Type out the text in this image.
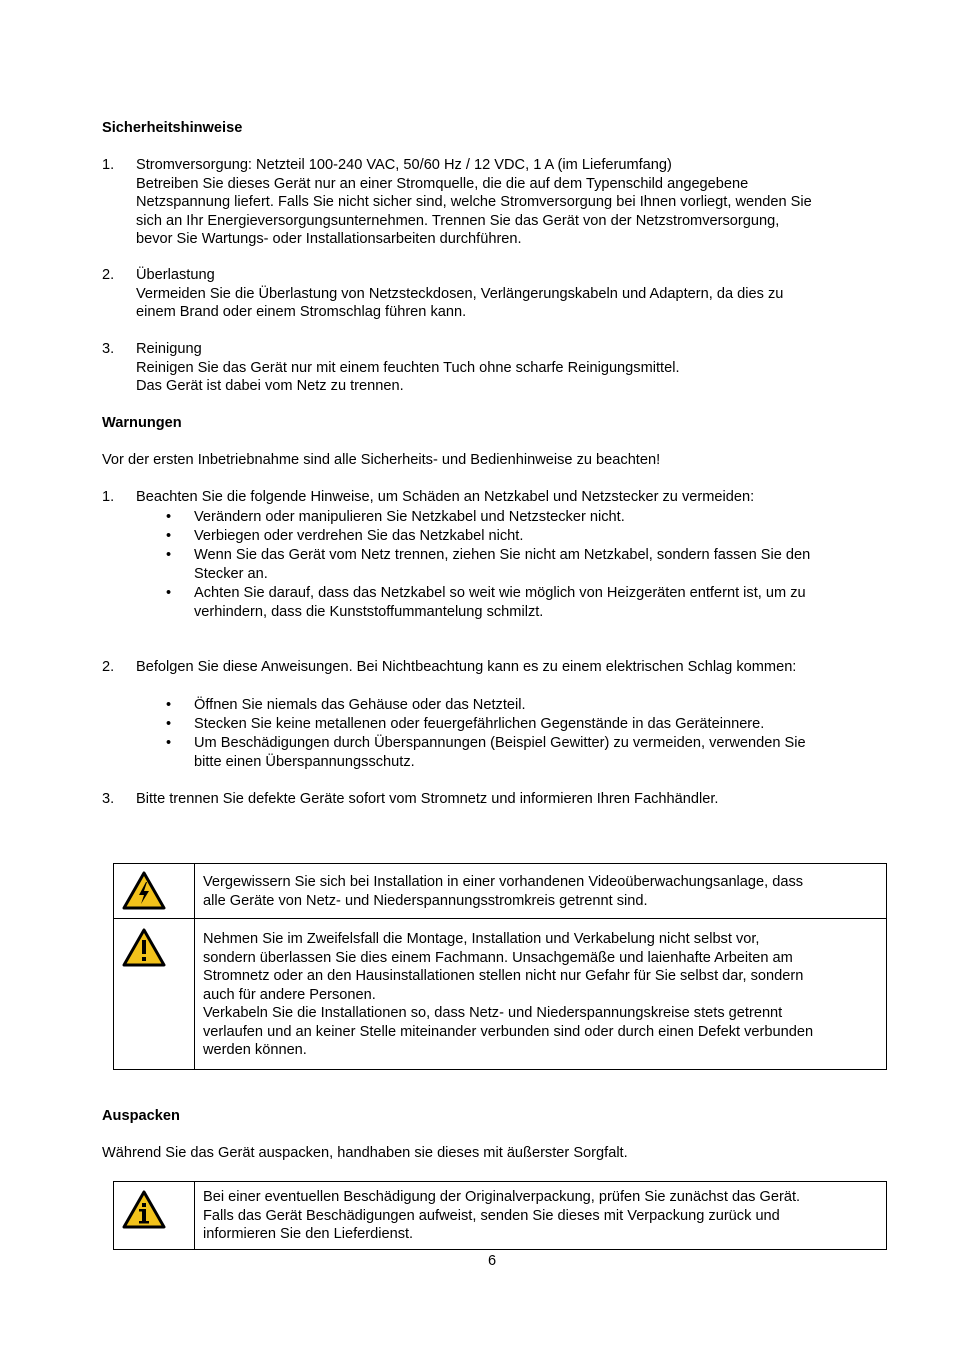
Sicherheitshinweise
1.	Stromversorgung: Netzteil 100-240 VAC, 50/60 Hz / 12 VDC, 1 A (im Lieferumfang)
Betreiben Sie dieses Gerät nur an einer Stromquelle, die die auf dem Typenschild angegebene
Netzspannung liefert. Falls Sie nicht sicher sind, welche Stromversorgung bei Ihnen vorliegt, wenden Sie
sich an Ihr Energieversorgungsunternehmen. Trennen Sie das Gerät von der Netzstromversorgung,
bevor Sie Wartungs- oder Installationsarbeiten durchführen.
2.	Überlastung
Vermeiden Sie die Überlastung von Netzsteckdosen, Verlängerungskabeln und Adaptern, da dies zu
einem Brand oder einem Stromschlag führen kann.
3.	Reinigung
Reinigen Sie das Gerät nur mit einem feuchten Tuch ohne scharfe Reinigungsmittel.
Das Gerät ist dabei vom Netz zu trennen.
Warnungen
Vor der ersten Inbetriebnahme sind alle Sicherheits- und Bedienhinweise zu beachten!
1.	Beachten Sie die folgende Hinweise, um Schäden an Netzkabel und Netzstecker zu vermeiden:
•	Verändern oder manipulieren Sie Netzkabel und Netzstecker nicht.
•	Verbiegen oder verdrehen Sie das Netzkabel nicht.
•	Wenn Sie das Gerät vom Netz trennen, ziehen Sie nicht am Netzkabel, sondern fassen Sie den
Stecker an.
•	Achten Sie darauf, dass das Netzkabel so weit wie möglich von Heizgeräten entfernt ist, um zu
verhindern, dass die Kunststoffummantelung schmilzt.
2.	Befolgen Sie diese Anweisungen. Bei Nichtbeachtung kann es zu einem elektrischen Schlag kommen:
•	Öffnen Sie niemals das Gehäuse oder das Netzteil.
•	Stecken Sie keine metallenen oder feuergefährlichen Gegenstände in das Geräteinnere.
•	Um Beschädigungen durch Überspannungen (Beispiel Gewitter) zu vermeiden, verwenden Sie
bitte einen Überspannungsschutz.
3.	Bitte trennen Sie defekte Geräte sofort vom Stromnetz und informieren Ihren Fachhändler.
Vergewissern Sie sich bei Installation in einer vorhandenen Videoüberwachungsanlage, dass
alle Geräte von Netz- und Niederspannungsstromkreis getrennt sind.
Nehmen Sie im Zweifelsfall die Montage, Installation und Verkabelung nicht selbst vor,
sondern überlassen Sie dies einem Fachmann. Unsachgemäße und laienhafte Arbeiten am
Stromnetz oder an den Hausinstallationen stellen nicht nur Gefahr für Sie selbst dar, sondern
auch für andere Personen.
Verkabeln Sie die Installationen so, dass Netz- und Niederspannungskreise stets getrennt
verlaufen und an keiner Stelle miteinander verbunden sind oder durch einen Defekt verbunden
werden können.
Auspacken
Während Sie das Gerät auspacken, handhaben sie dieses mit äußerster Sorgfalt.
Bei einer eventuellen Beschädigung der Originalverpackung, prüfen Sie zunächst das Gerät.
Falls das Gerät Beschädigungen aufweist, senden Sie dieses mit Verpackung zurück und
informieren Sie den Lieferdienst.
6
